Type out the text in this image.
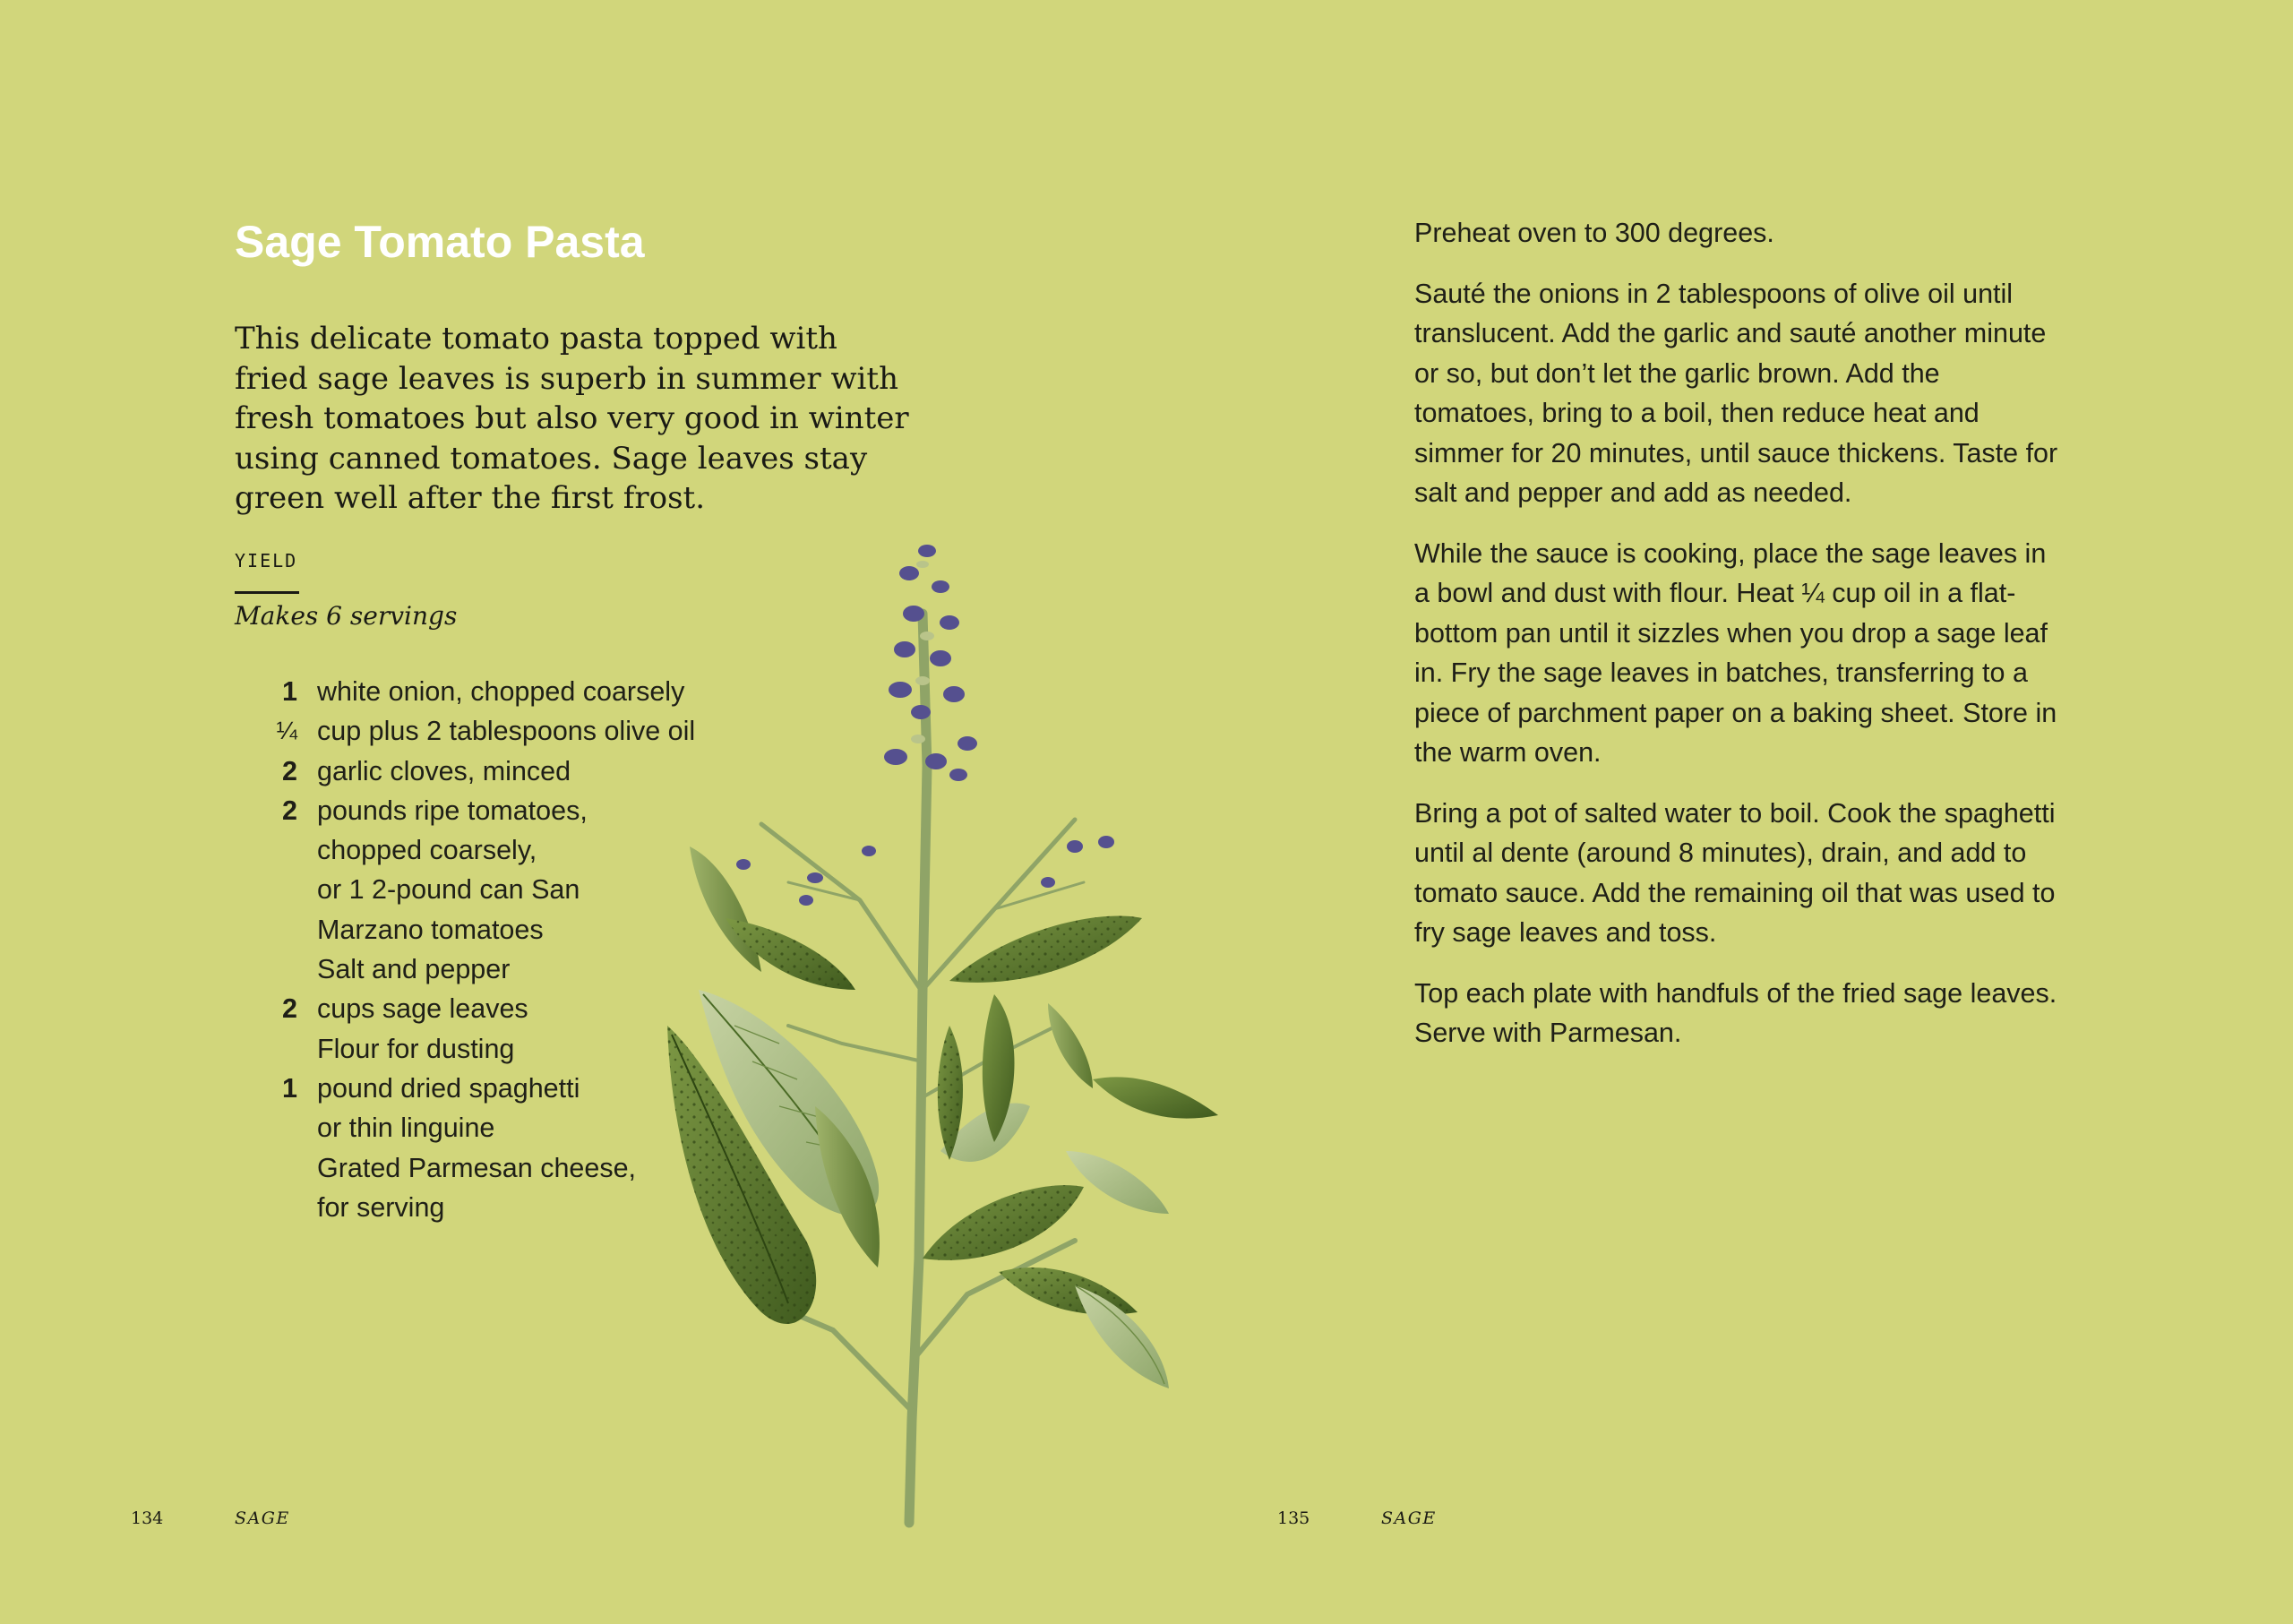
Sage Tomato Pasta

This delicate tomato pasta topped with fried sage leaves is superb in summer with fresh tomatoes but also very good in winter using canned tomatoes. Sage leaves stay green well after the first frost.

YIELD
Makes 6 servings
1 white onion, chopped coarsely
¼ cup plus 2 tablespoons olive oil
2 garlic cloves, minced
2 pounds ripe tomatoes,
chopped coarsely,
or 1 2-pound can San
Marzano tomatoes
Salt and pepper
2 cups sage leaves
Flour for dusting
1 pound dried spaghetti
or thin linguine
Grated Parmesan cheese,
for serving
134	SAGE

Preheat oven to 300 degrees.

Sauté the onions in 2 tablespoons of olive oil until translucent. Add the garlic and sauté another minute or so, but don’t let the garlic brown. Add the tomatoes, bring to a boil, then reduce heat and simmer for 20 minutes, until sauce thickens. Taste for salt and pepper and add as needed.

While the sauce is cooking, place the sage leaves in a bowl and dust with flour. Heat ¼ cup oil in a flat-bottom pan until it sizzles when you drop a sage leaf in. Fry the sage leaves in batches, transferring to a piece of parchment paper on a baking sheet. Store in the warm oven.

Bring a pot of salted water to boil. Cook the spaghetti until al dente (around 8 minutes), drain, and add to tomato sauce. Add the remaining oil that was used to fry sage leaves and toss.

Top each plate with handfuls of the fried sage leaves. Serve with Parmesan.

135	SAGE
